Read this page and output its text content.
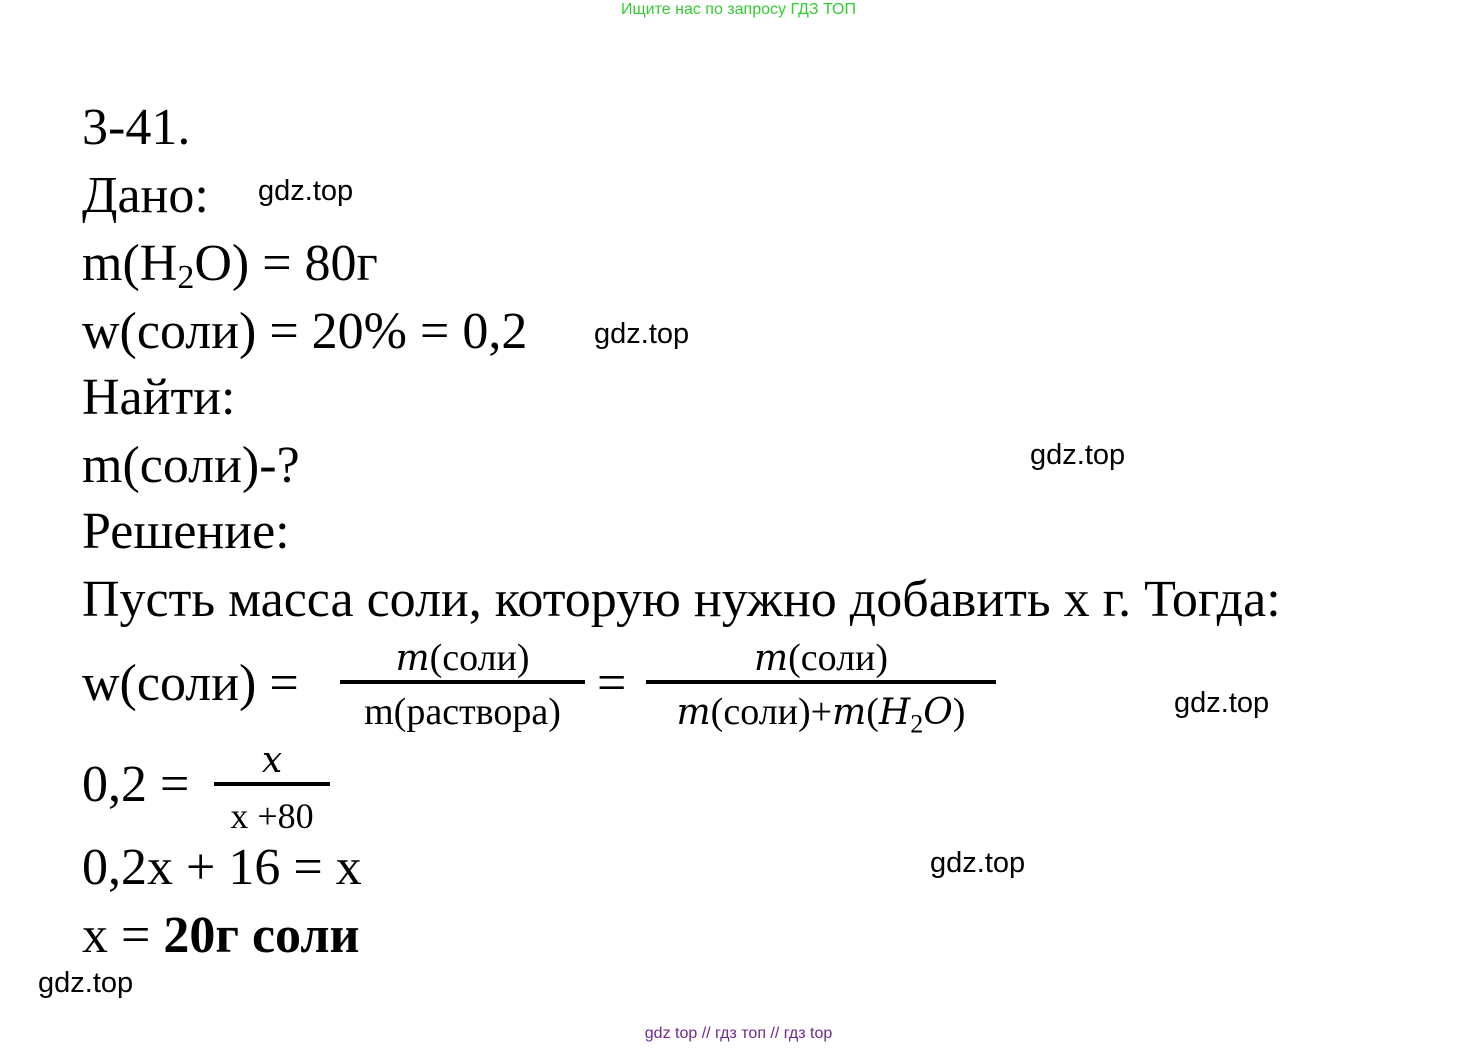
Ищите нас по запросу ГДЗ ТОП
3-41.
Дано:
$m(H_2O) = 80г$
w(соли) = 20% = 0,2
Найти:
m(соли)-?
Решение:
Пусть масса соли, которую нужно добавить х г. Тогда:
w(соли) =	m(соли)
m(раствора) =	m(соли)
$m(соли)+m(H_2O)$
0,2 =	x
х +80
0,2х + 16 = х
х = 20г соли
gdz.top
gdz.top
gdz.top
gdz.top
gdz.top
gdz.top
gdz top // гдз топ // гдз top
